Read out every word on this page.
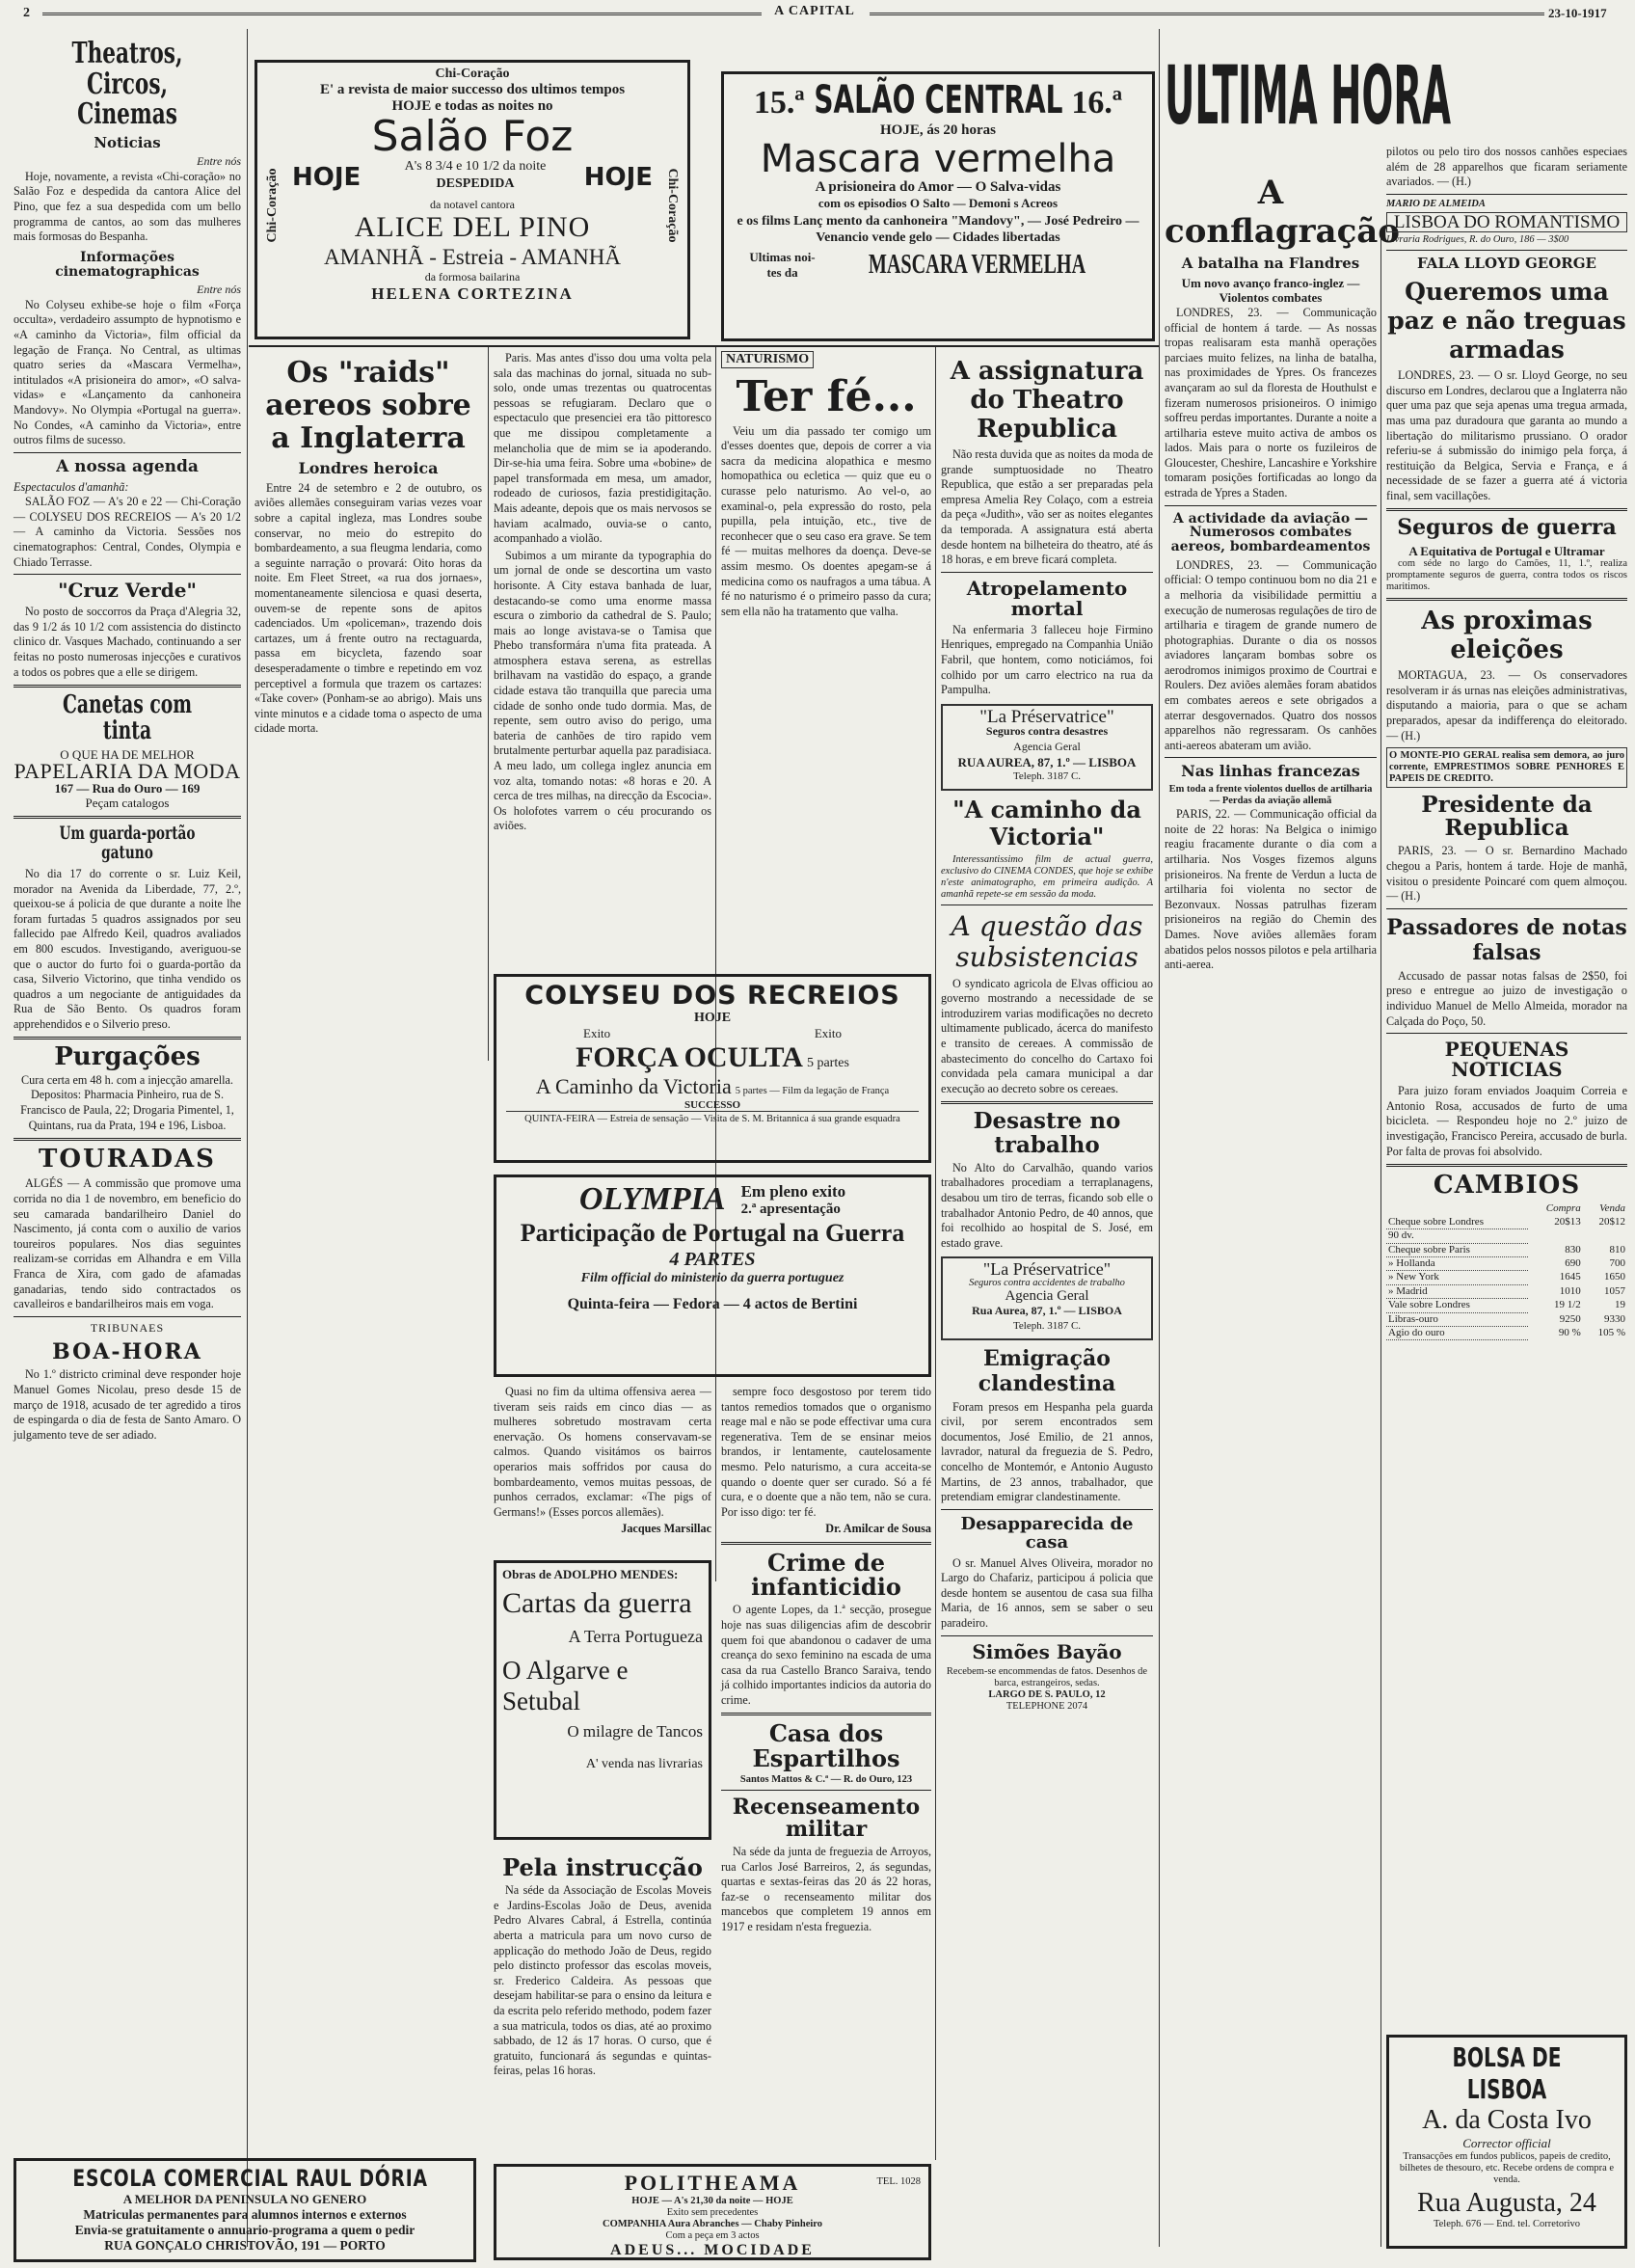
2	A CAPITAL	23-10-1917
Theatros, Circos, Cinemas
Noticias
Entre nós

Hoje, novamente, a revista «Chi-coração» no Salão Foz e despedida da cantora Alice del Pino, que fez a sua despedida com um bello programma de cantos, ao som das mulheres mais formosas do Bespanha.

Informações cinematographicas
Entre nós

No Colyseu exhibe-se hoje o film «Força occulta», verdadeiro assumpto de hypnotismo e «A caminho da Victoria», film official da legação de França. No Central, as ultimas quatro series da «Mascara Vermelha», intitulados «A prisioneira do amor», «O salva-vidas» e «Lançamento da canhoneira Mandovy». No Olympia «Portugal na guerra». No Condes, «A caminho da Victoria», entre outros films de sucesso.

A nossa agenda
Espectaculos d'amanhã:

SALÃO FOZ — A's 20 e 22 — Chi-Coração — COLYSEU DOS RECREIOS — A's 20 1/2 — A caminho da Victoria. Sessões nos cinematographos: Central, Condes, Olympia e Chiado Terrasse.

"Cruz Verde"

No posto de soccorros da Praça d'Alegria 32, das 9 1/2 ás 10 1/2 com assistencia do distincto clinico dr. Vasques Machado, continuando a ser feitas no posto numerosas injecções e curativos a todos os pobres que a elle se dirigem.

Canetas com tinta
O QUE HA DE MELHOR
PAPELARIA DA MODA
167 — Rua do Ouro — 169
Peçam catalogos
Um guarda-portão gatuno

No dia 17 do corrente o sr. Luiz Keil, morador na Avenida da Liberdade, 77, 2.º, queixou-se á policia de que durante a noite lhe foram furtadas 5 quadros assignados por seu fallecido pae Alfredo Keil, quadros avaliados em 800 escudos. Investigando, averiguou-se que o auctor do furto foi o guarda-portão da casa, Silverio Victorino, que tinha vendido os quadros a um negociante de antiguidades da Rua de São Bento. Os quadros foram apprehendidos e o Silverio preso.

Purgações

Cura certa em 48 h. com a injecção amarella. Depositos: Pharmacia Pinheiro, rua de S. Francisco de Paula, 22; Drogaria Pimentel, 1, Quintans, rua da Prata, 194 e 196, Lisboa.

TOURADAS

ALGÉS — A commissão que promove uma corrida no dia 1 de novembro, em beneficio do seu camarada bandarilheiro Daniel do Nascimento, já conta com o auxilio de varios toureiros populares. Nos dias seguintes realizam-se corridas em Alhandra e em Villa Franca de Xira, com gado de afamadas ganadarias, tendo sido contractados os cavalleiros e bandarilheiros mais em voga.

TRIBUNAES
BOA-HORA

No 1.º districto criminal deve responder hoje Manuel Gomes Nicolau, preso desde 15 de março de 1918, acusado de ter agredido a tiros de espingarda o dia de festa de Santo Amaro. O julgamento teve de ser adiado.

Chi-Coração	Chi-Coração
Chi-Coração
E' a revista de maior successo dos ultimos tempos
HOJE e todas as noites no
Salão Foz
HOJE	A's 8 3/4 e 10 1/2 da noite
DESPEDIDA	HOJE
da notavel cantora
ALICE DEL PINO
AMANHÃ - Estreia - AMANHÃ
da formosa bailarina
HELENA CORTEZINA
15.ª SALÃO CENTRAL 16.ª
HOJE, ás 20 horas
Mascara vermelha
A prisioneira do Amor — O Salva-vidas
com os episodios O Salto — Demoni s Acreos
e os films Lanç mento da canhoneira "Mandovy", — José Pedreiro — Venancio vende gelo — Cidades libertadas
Ultimas noi- tes da	MASCARA VERMELHA
Os "raids" aereos sobre a Inglaterra
Londres heroica

Entre 24 de setembro e 2 de outubro, os aviões allemães conseguiram varias vezes voar sobre a capital ingleza, mas Londres soube conservar, no meio do estrepito do bombardeamento, a sua fleugma lendaria, como a seguinte narração o provará: Oito horas da noite. Em Fleet Street, «a rua dos jornaes», momentaneamente silenciosa e quasi deserta, ouvem-se de repente sons de apitos cadenciados. Um «policeman», trazendo dois cartazes, um á frente outro na rectaguarda, passa em bicycleta, fazendo soar desesperadamente o timbre e repetindo em voz perceptivel a formula que trazem os cartazes: «Take cover» (Ponham-se ao abrigo). Mais uns vinte minutos e a cidade toma o aspecto de uma cidade morta.

Paris. Mas antes d'isso dou uma volta pela sala das machinas do jornal, situada no sub-solo, onde umas trezentas ou quatrocentas pessoas se refugiaram. Declaro que o espectaculo que presenciei era tão pittoresco que me dissipou completamente a melancholia que de mim se ia apoderando. Dir-se-hia uma feira. Sobre uma «bobine» de papel transformada em mesa, um amador, rodeado de curiosos, fazia prestidigitação. Mais adeante, depois que os mais nervosos se haviam acalmado, ouvia-se o canto, acompanhado a violão.

Subimos a um mirante da typographia do um jornal de onde se descortina um vasto horisonte. A City estava banhada de luar, destacando-se como uma enorme massa escura o zimborio da cathedral de S. Paulo; mais ao longe avistava-se o Tamisa que Phebo transformára n'uma fita prateada. A atmosphera estava serena, as estrellas brilhavam na vastidão do espaço, a grande cidade estava tão tranquilla que parecia uma cidade de sonho onde tudo dormia. Mas, de repente, sem outro aviso do perigo, uma bateria de canhões de tiro rapido vem brutalmente perturbar aquella paz paradisiaca. A meu lado, um collega inglez anuncia em voz alta, tomando notas: «8 horas e 20. A cerca de tres milhas, na direcção da Escocia». Os holofotes varrem o céu procurando os aviões.

NATURISMO
Ter fé...

Veiu um dia passado ter comigo um d'esses doentes que, depois de correr a via sacra da medicina alopathica e mesmo homopathica ou ecletica — quiz que eu o curasse pelo naturismo. Ao vel-o, ao examinal-o, pela expressão do rosto, pela pupilla, pela intuição, etc., tive de reconhecer que o seu caso era grave. Se tem fé — muitas melhores da doença. Deve-se assim mesmo. Os doentes apegam-se á medicina como os naufragos a uma tábua. A fé no naturismo é o primeiro passo da cura; sem ella não ha tratamento que valha.

A assignatura do Theatro Republica

Não resta duvida que as noites da moda de grande sumptuosidade no Theatro Republica, que estão a ser preparadas pela empresa Amelia Rey Colaço, com a estreia da peça «Judith», vão ser as noites elegantes da temporada. A assignatura está aberta desde hontem na bilheteira do theatro, até ás 18 horas, e em breve ficará completa.

Atropelamento mortal

Na enfermaria 3 falleceu hoje Firmino Henriques, empregado na Companhia União Fabril, que hontem, como noticiámos, foi colhido por um carro electrico na rua da Pampulha.

"La Préservatrice"
Seguros contra desastres
Agencia Geral
RUA AUREA, 87, 1.º — LISBOA
Teleph. 3187 C.
"A caminho da Victoria"

Interessantissimo film de actual guerra, exclusivo do CINEMA CONDES, que hoje se exhibe n'este animatographo, em primeira audição. A amanhã repete-se em sessão da moda.

A questão das subsistencias

O syndicato agricola de Elvas officiou ao governo mostrando a necessidade de se introduzirem varias modificações no decreto ultimamente publicado, ácerca do manifesto e transito de cereaes. A commissão de abastecimento do concelho do Cartaxo foi convidada pela camara municipal a dar execução ao decreto sobre os cereaes.

Desastre no trabalho

No Alto do Carvalhão, quando varios trabalhadores procediam a terraplanagens, desabou um tiro de terras, ficando sob elle o trabalhador Antonio Pedro, de 40 annos, que foi recolhido ao hospital de S. José, em estado grave.

"La Préservatrice"
Seguros contra accidentes de trabalho
Agencia Geral
Rua Aurea, 87, 1.º — LISBOA
Teleph. 3187 C.
Emigração clandestina

Foram presos em Hespanha pela guarda civil, por serem encontrados sem documentos, José Emilio, de 21 annos, lavrador, natural da freguezia de S. Pedro, concelho de Montemór, e Antonio Augusto Martins, de 23 annos, trabalhador, que pretendiam emigrar clandestinamente.

Desapparecida de casa

O sr. Manuel Alves Oliveira, morador no Largo do Chafariz, participou á policia que desde hontem se ausentou de casa sua filha Maria, de 16 annos, sem se saber o seu paradeiro.

Simões Bayão
Recebem-se encommendas de fatos. Desenhos de barca, estrangeiros, sedas.
LARGO DE S. PAULO, 12
TELEPHONE 2074
COLYSEU DOS RECREIOS
HOJE
Exito	Exito
FORÇA OCULTA 5 partes
A Caminho da Victoria 5 partes — Film da legação de França
SUCCESSO
QUINTA-FEIRA — Estreia de sensação — Visita de S. M. Britannica á sua grande esquadra
OLYMPIA Em pleno exito
2.ª apresentação
Participação de Portugal na Guerra
4 PARTES
Film official do ministerio da guerra portuguez
Quinta-feira — Fedora — 4 actos de Bertini

Quasi no fim da ultima offensiva aerea — tiveram seis raids em cinco dias — as mulheres sobretudo mostravam certa enervação. Os homens conservavam-se calmos. Quando visitámos os bairros operarios mais soffridos por causa do bombardeamento, vemos muitas pessoas, de punhos cerrados, exclamar: «The pigs of Germans!» (Esses porcos allemães).

Jacques Marsillac
Obras de ADOLPHO MENDES:
Cartas da guerra
A Terra Portugueza
O Algarve e Setubal
O milagre de Tancos
A' venda nas livrarias
Pela instrucção

Na séde da Associação de Escolas Moveis e Jardins-Escolas João de Deus, avenida Pedro Alvares Cabral, á Estrella, continúa aberta a matricula para um novo curso de applicação do methodo João de Deus, regido pelo distincto professor das escolas moveis, sr. Frederico Caldeira. As pessoas que desejam habilitar-se para o ensino da leitura e da escrita pelo referido methodo, podem fazer a sua matricula, todos os dias, até ao proximo sabbado, de 12 ás 17 horas. O curso, que é gratuito, funcionará ás segundas e quintas-feiras, pelas 16 horas.

sempre foco desgostoso por terem tido tantos remedios tomados que o organismo reage mal e não se pode effectivar uma cura regenerativa. Tem de se ensinar meios brandos, ir lentamente, cautelosamente mesmo. Pelo naturismo, a cura acceita-se quando o doente quer ser curado. Só a fé cura, e o doente que a não tem, não se cura. Por isso digo: ter fé.

Dr. Amilcar de Sousa
Crime de infanticidio

O agente Lopes, da 1.ª secção, prosegue hoje nas suas diligencias afim de descobrir quem foi que abandonou o cadaver de uma creança do sexo feminino na escada de uma casa da rua Castello Branco Saraiva, tendo já colhido importantes indicios da autoria do crime.

Casa dos Espartilhos
Santos Mattos & C.ª — R. do Ouro, 123
Recenseamento militar

Na séde da junta de freguezia de Arroyos, rua Carlos José Barreiros, 2, ás segundas, quartas e sextas-feiras das 20 ás 22 horas, faz-se o recenseamento militar dos mancebos que completem 19 annos em 1917 e residam n'esta freguezia.

ULTIMA HORA
A conflagração
A batalha na Flandres
Um novo avanço franco-inglez — Violentos combates

LONDRES, 23. — Communicação official de hontem á tarde. — As nossas tropas realisaram esta manhã operações parciaes muito felizes, na linha de batalha, nas proximidades de Ypres. Os francezes avançaram ao sul da floresta de Houthulst e fizeram numerosos prisioneiros. O inimigo soffreu perdas importantes. Durante a noite a artilharia esteve muito activa de ambos os lados. Mais para o norte os fuzileiros de Gloucester, Cheshire, Lancashire e Yorkshire tomaram posições fortificadas ao longo da estrada de Ypres a Staden.

A actividade da aviação — Numerosos combates aereos, bombardeamentos

LONDRES, 23. — Communicação official: O tempo continuou bom no dia 21 e a melhoria da visibilidade permittiu a execução de numerosas regulações de tiro de artilharia e tiragem de grande numero de photographias. Durante o dia os nossos aviadores lançaram bombas sobre os aerodromos inimigos proximo de Courtrai e Roulers. Dez aviões alemães foram abatidos em combates aereos e sete obrigados a aterrar desgovernados. Quatro dos nossos apparelhos não regressaram. Os canhões anti-aereos abateram um avião.

Nas linhas francezas
Em toda a frente violentos duellos de artilharia — Perdas da aviação allemã

PARIS, 22. — Communicação official da noite de 22 horas: Na Belgica o inimigo reagiu fracamente durante o dia com a artilharia. Nos Vosges fizemos alguns prisioneiros. Na frente de Verdun a lucta de artilharia foi violenta no sector de Bezonvaux. Nossas patrulhas fizeram prisioneiros na região do Chemin des Dames. Nove aviões allemães foram abatidos pelos nossos pilotos e pela artilharia anti-aerea.

pilotos ou pelo tiro dos nossos canhões especiaes além de 28 apparelhos que ficaram seriamente avariados. — (H.)

MARIO DE ALMEIDA
LISBOA DO ROMANTISMO
Livraria Rodrigues, R. do Ouro, 186 — 3$00
FALA LLOYD GEORGE
Queremos uma paz e não treguas armadas

LONDRES, 23. — O sr. Lloyd George, no seu discurso em Londres, declarou que a Inglaterra não quer uma paz que seja apenas uma tregua armada, mas uma paz duradoura que garanta ao mundo a libertação do militarismo prussiano. O orador referiu-se á submissão do inimigo pela força, á restituição da Belgica, Servia e França, e á necessidade de se fazer a guerra até á victoria final, sem vacillações.

Seguros de guerra
A Equitativa de Portugal e Ultramar

com séde no largo do Camões, 11, 1.º, realiza promptamente seguros de guerra, contra todos os riscos maritimos.

As proximas eleições

MORTAGUA, 23. — Os conservadores resolveram ir ás urnas nas eleições administrativas, disputando a maioria, para o que se acham preparados, apesar da indifferença do eleitorado. — (H.)

O MONTE-PIO GERAL realisa sem demora, ao juro corrente, EMPRESTIMOS SOBRE PENHORES E PAPEIS DE CREDITO.
Presidente da Republica

PARIS, 23. — O sr. Bernardino Machado chegou a Paris, hontem á tarde. Hoje de manhã, visitou o presidente Poincaré com quem almoçou. — (H.)

Passadores de notas falsas

Accusado de passar notas falsas de 2$50, foi preso e entregue ao juizo de investigação o individuo Manuel de Mello Almeida, morador na Calçada do Poço, 50.

PEQUENAS NOTICIAS

Para juizo foram enviados Joaquim Correia e Antonio Rosa, accusados de furto de uma bicicleta. — Respondeu hoje no 2.º juizo de investigação, Francisco Pereira, accusado de burla. Por falta de provas foi absolvido.

CAMBIOS
	Compra	Venda
Cheque sobre Londres	20$13	20$12
90 dv.		
Cheque sobre Paris	830	810
» Hollanda	690	700
» New York	1645	1650
» Madrid	1010	1057
Vale sobre Londres	19 1/2	19
Libras-ouro	9250	9330
Agio do ouro	90 %	105 %
BOLSA DE LISBOA
A. da Costa Ivo
Corrector official
Transacções em fundos publicos, papeis de credito, bilhetes de thesouro, etc. Recebe ordens de compra e venda.
Rua Augusta, 24
Teleph. 676 — End. tel. Corretorivo
ESCOLA COMERCIAL RAUL DÓRIA
A MELHOR DA PENINSULA NO GENERO
Matriculas permanentes para alumnos internos e externos
Envia-se gratuitamente o annuario-programa a quem o pedir
RUA GONÇALO CHRISTOVÃO, 191 — PORTO
POLITHEAMA	TEL. 1028
HOJE — A's 21,30 da noite — HOJE
Exito sem precedentes
COMPANHIA Aura Abranches — Chaby Pinheiro
Com a peça em 3 actos
ADEUS... MOCIDADE
